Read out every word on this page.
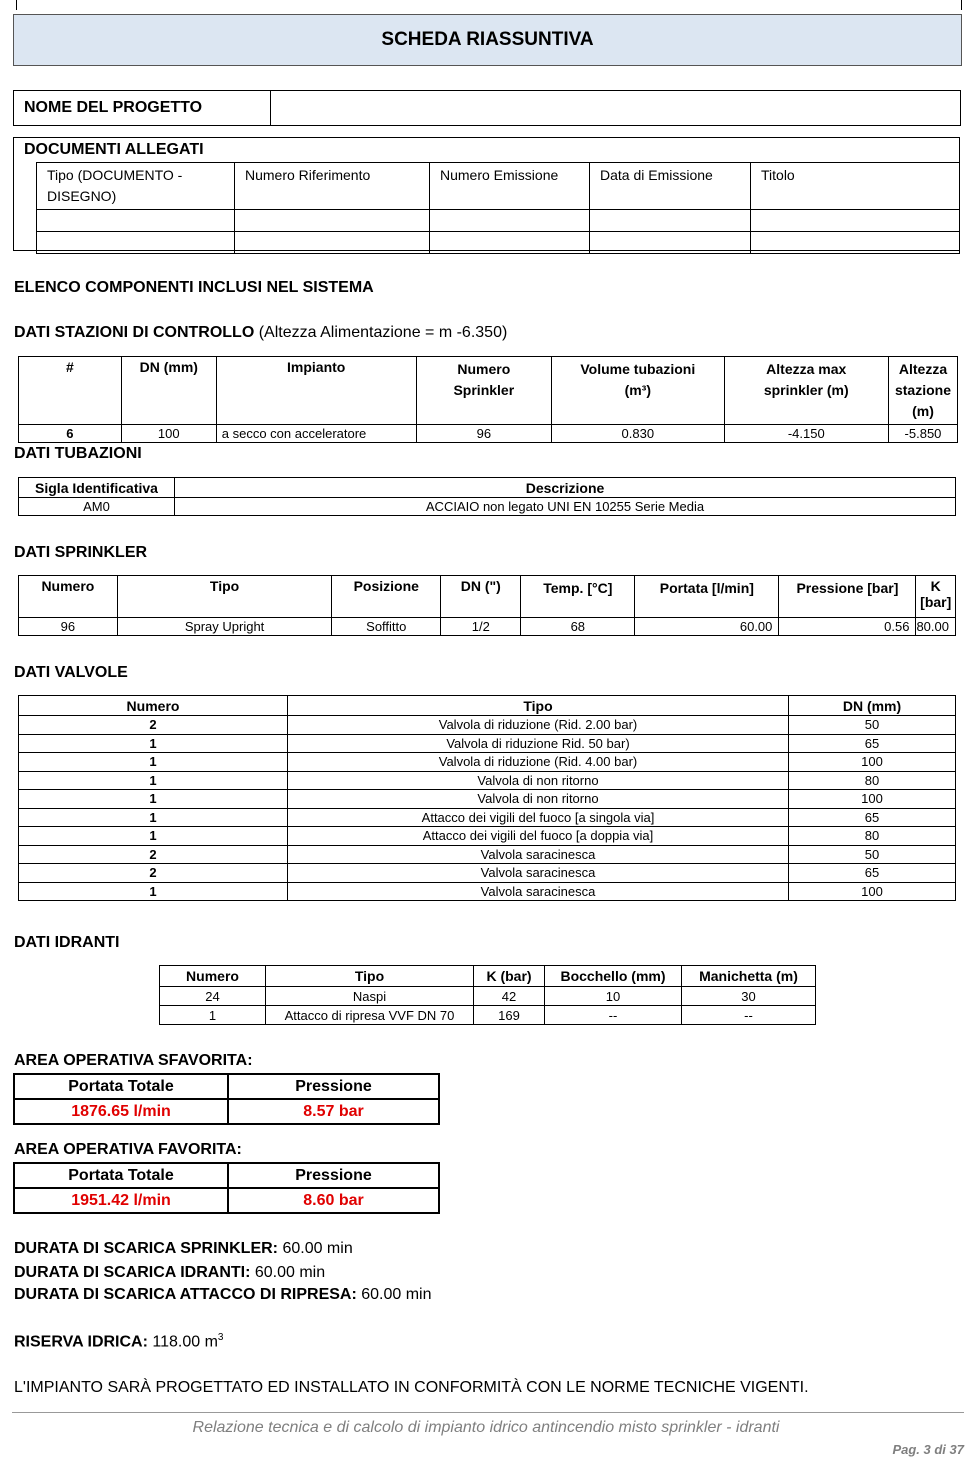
SCHEDA RIASSUNTIVA
NOME DEL PROGETTO	
DOCUMENTI ALLEGATI
Tipo (DOCUMENTO - DISEGNO)	Numero Riferimento	Numero Emissione	Data di Emissione	Titolo

ELENCO COMPONENTI INCLUSI NEL SISTEMA
DATI STAZIONI DI CONTROLLO (Altezza Alimentazione = m -6.350)
#	DN (mm)	Impianto	Numero Sprinkler	Volume tubazioni (m³)	Altezza max sprinkler (m)	Altezza stazione (m)
6	100	a secco con acceleratore	96	0.830	-4.150	-5.850
DATI TUBAZIONI
Sigla Identificativa	Descrizione
AM0	ACCIAIO non legato UNI EN 10255 Serie Media
DATI SPRINKLER
Numero	Tipo	Posizione	DN (")	Temp. [°C]	Portata [l/min]	Pressione [bar]	K [bar]
96	Spray Upright	Soffitto	1/2	68	60.00	0.56	80.00
DATI VALVOLE
Numero	Tipo	DN (mm)
2	Valvola di riduzione (Rid. 2.00 bar)	50
1	Valvola di riduzione Rid. 50 bar)	65
1	Valvola di riduzione (Rid. 4.00 bar)	100
1	Valvola di non ritorno	80
1	Valvola di non ritorno	100
1	Attacco dei vigili del fuoco [a singola via]	65
1	Attacco dei vigili del fuoco [a doppia via]	80
2	Valvola saracinesca	50
2	Valvola saracinesca	65
1	Valvola saracinesca	100
DATI IDRANTI
Numero	Tipo	K (bar)	Bocchello (mm)	Manichetta (m)
24	Naspi	42	10	30
1	Attacco di ripresa VVF DN 70	169	--	--
AREA OPERATIVA SFAVORITA:
Portata Totale	Pressione
1876.65 l/min	8.57 bar
AREA OPERATIVA FAVORITA:
Portata Totale	Pressione
1951.42 l/min	8.60 bar
DURATA DI SCARICA SPRINKLER: 60.00 min
DURATA DI SCARICA IDRANTI: 60.00 min
DURATA DI SCARICA ATTACCO DI RIPRESA: 60.00 min
RISERVA IDRICA: 118.00 $m^3$
L'IMPIANTO SARÀ PROGETTATO ED INSTALLATO IN CONFORMITÀ CON LE NORME TECNICHE VIGENTI.
Relazione tecnica e di calcolo di impianto idrico antincendio misto sprinkler - idranti
Pag. 3 di 37
